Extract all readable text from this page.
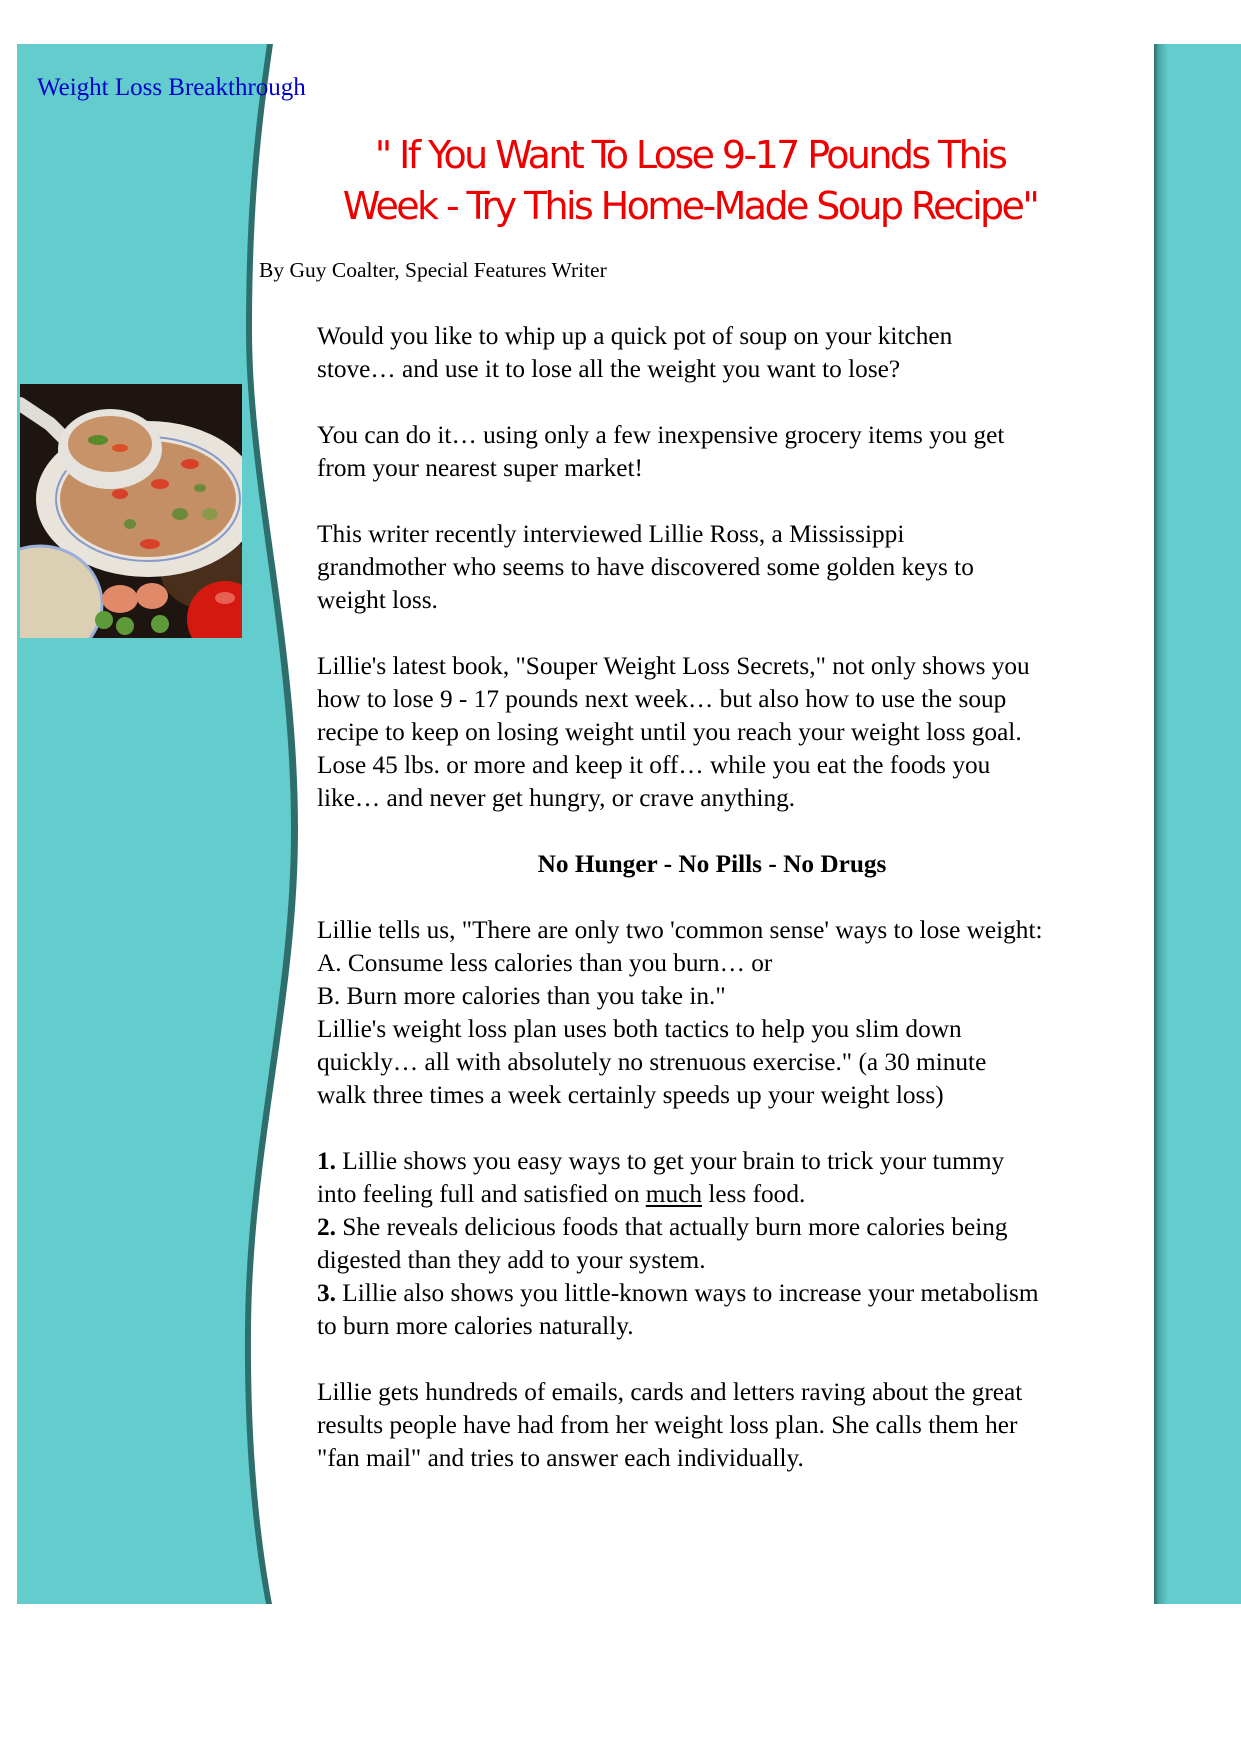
Weight Loss Breakthrough
" If You Want To Lose 9-17 Pounds This
Week - Try This Home-Made Soup Recipe"
By Guy Coalter, Special Features Writer

Would you like to whip up a quick pot of soup on your kitchen
stove… and use it to lose all the weight you want to lose?

You can do it… using only a few inexpensive grocery items you get
from your nearest super market!

This writer recently interviewed Lillie Ross, a Mississippi
grandmother who seems to have discovered some golden keys to
weight loss.

Lillie's latest book, "Souper Weight Loss Secrets," not only shows you
how to lose 9 - 17 pounds next week… but also how to use the soup
recipe to keep on losing weight until you reach your weight loss goal.
Lose 45 lbs. or more and keep it off… while you eat the foods you
like… and never get hungry, or crave anything.

No Hunger - No Pills - No Drugs

Lillie tells us, "There are only two 'common sense' ways to lose weight:
A. Consume less calories than you burn… or
B. Burn more calories than you take in."
Lillie's weight loss plan uses both tactics to help you slim down
quickly… all with absolutely no strenuous exercise." (a 30 minute
walk three times a week certainly speeds up your weight loss)

1. Lillie shows you easy ways to get your brain to trick your tummy
into feeling full and satisfied on much less food.
2. She reveals delicious foods that actually burn more calories being
digested than they add to your system.
3. Lillie also shows you little-known ways to increase your metabolism
to burn more calories naturally.

Lillie gets hundreds of emails, cards and letters raving about the great
results people have had from her weight loss plan. She calls them her
"fan mail" and tries to answer each individually.
